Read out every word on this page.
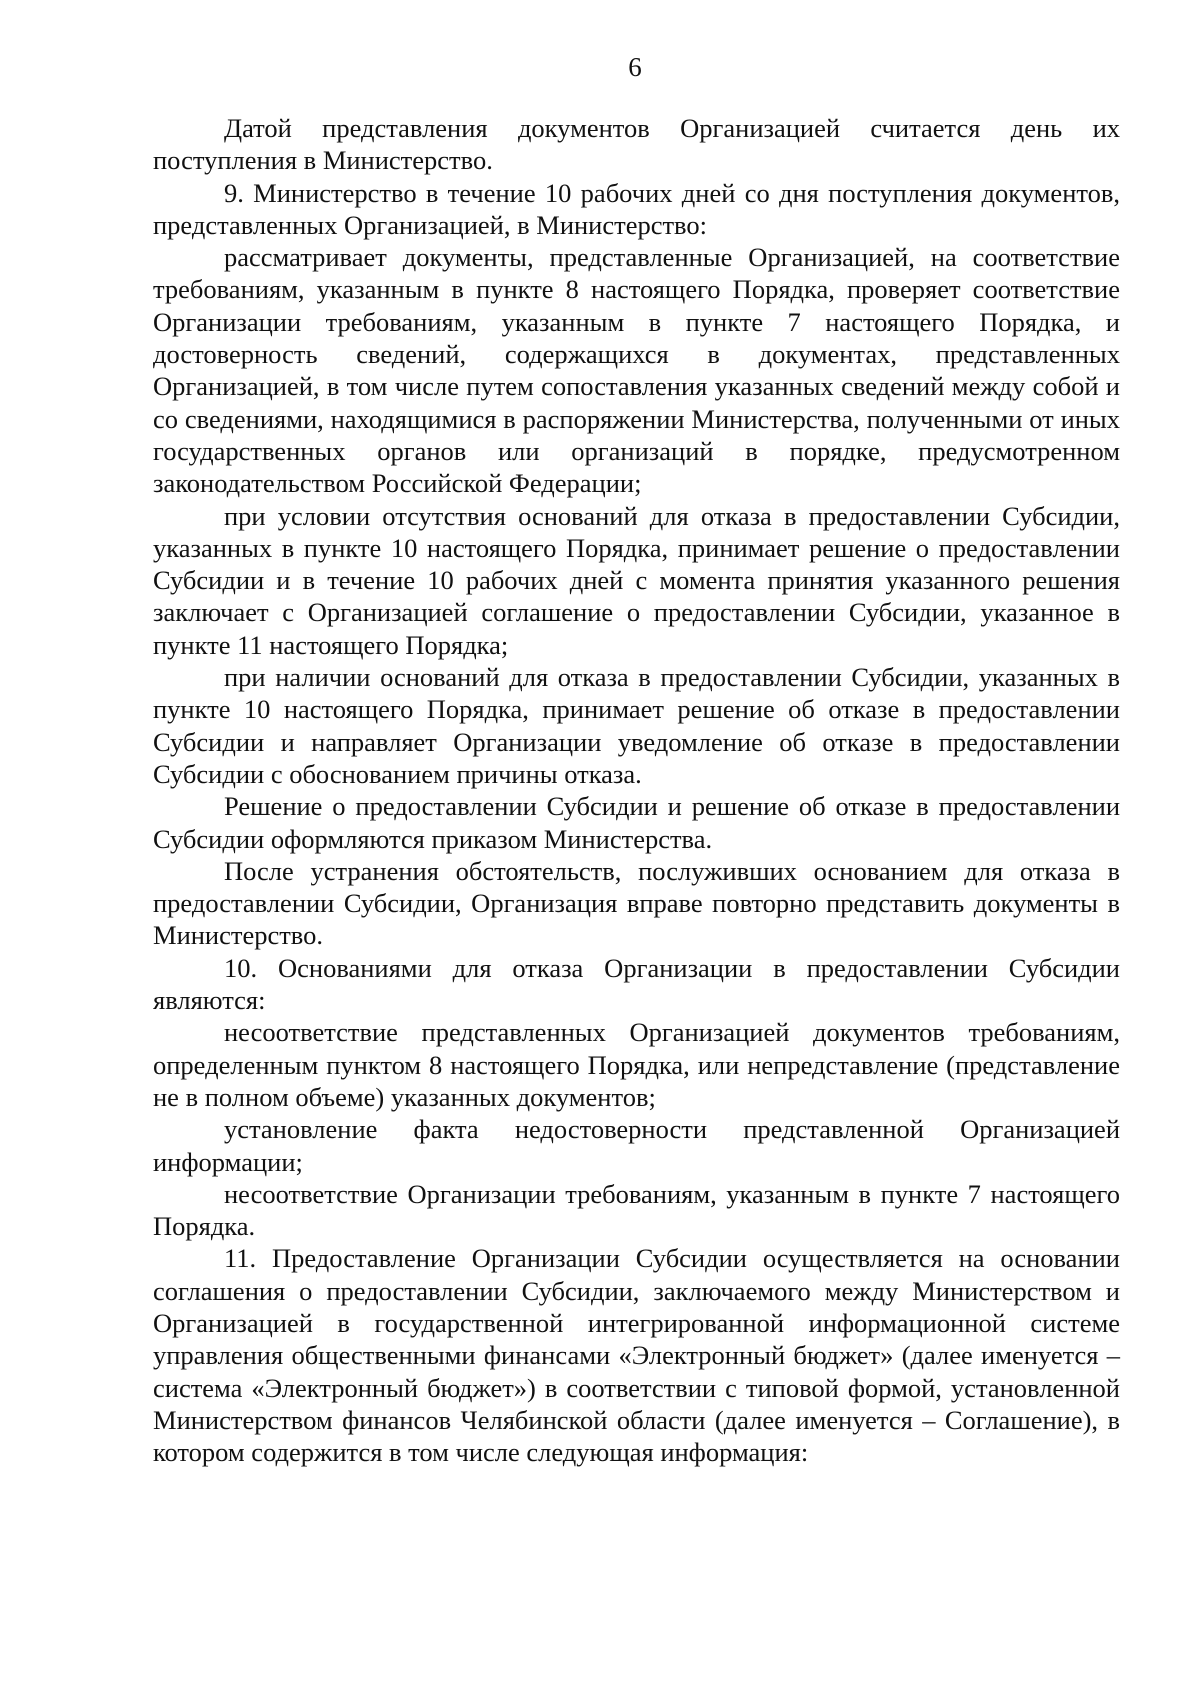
6

Датой представления документов Организацией считается день их поступления в Министерство.

9. Министерство в течение 10 рабочих дней со дня поступления документов, представленных Организацией, в Министерство:

рассматривает документы, представленные Организацией, на соответствие требованиям, указанным в пункте 8 настоящего Порядка, проверяет соответствие Организации требованиям, указанным в пункте 7 настоящего Порядка, и достоверность сведений, содержащихся в документах, представленных Организацией, в том числе путем сопоставления указанных сведений между собой и со сведениями, находящимися в распоряжении Министерства, полученными от иных государственных органов или организаций в порядке, предусмотренном законодательством Российской Федерации;

при условии отсутствия оснований для отказа в предоставлении Субсидии, указанных в пункте 10 настоящего Порядка, принимает решение о предоставлении Субсидии и в течение 10 рабочих дней с момента принятия указанного решения заключает с Организацией соглашение о предоставлении Субсидии, указанное в пункте 11 настоящего Порядка;

при наличии оснований для отказа в предоставлении Субсидии, указанных в пункте 10 настоящего Порядка, принимает решение об отказе в предоставлении Субсидии и направляет Организации уведомление об отказе в предоставлении Субсидии с обоснованием причины отказа.

Решение о предоставлении Субсидии и решение об отказе в предоставлении Субсидии оформляются приказом Министерства.

После устранения обстоятельств, послуживших основанием для отказа в предоставлении Субсидии, Организация вправе повторно представить документы в Министерство.

10. Основаниями для отказа Организации в предоставлении Субсидии являются:

несоответствие представленных Организацией документов требованиям, определенным пунктом 8 настоящего Порядка, или непредставление (представление не в полном объеме) указанных документов;

установление факта недостоверности представленной Организацией информации;

несоответствие Организации требованиям, указанным в пункте 7 настоящего Порядка.

11. Предоставление Организации Субсидии осуществляется на основании соглашения о предоставлении Субсидии, заключаемого между Министерством и Организацией в государственной интегрированной информационной системе управления общественными финансами «Электронный бюджет» (далее именуется – система «Электронный бюджет») в соответствии с типовой формой, установленной Министерством финансов Челябинской области (далее именуется – Соглашение), в котором содержится в том числе следующая информация:
